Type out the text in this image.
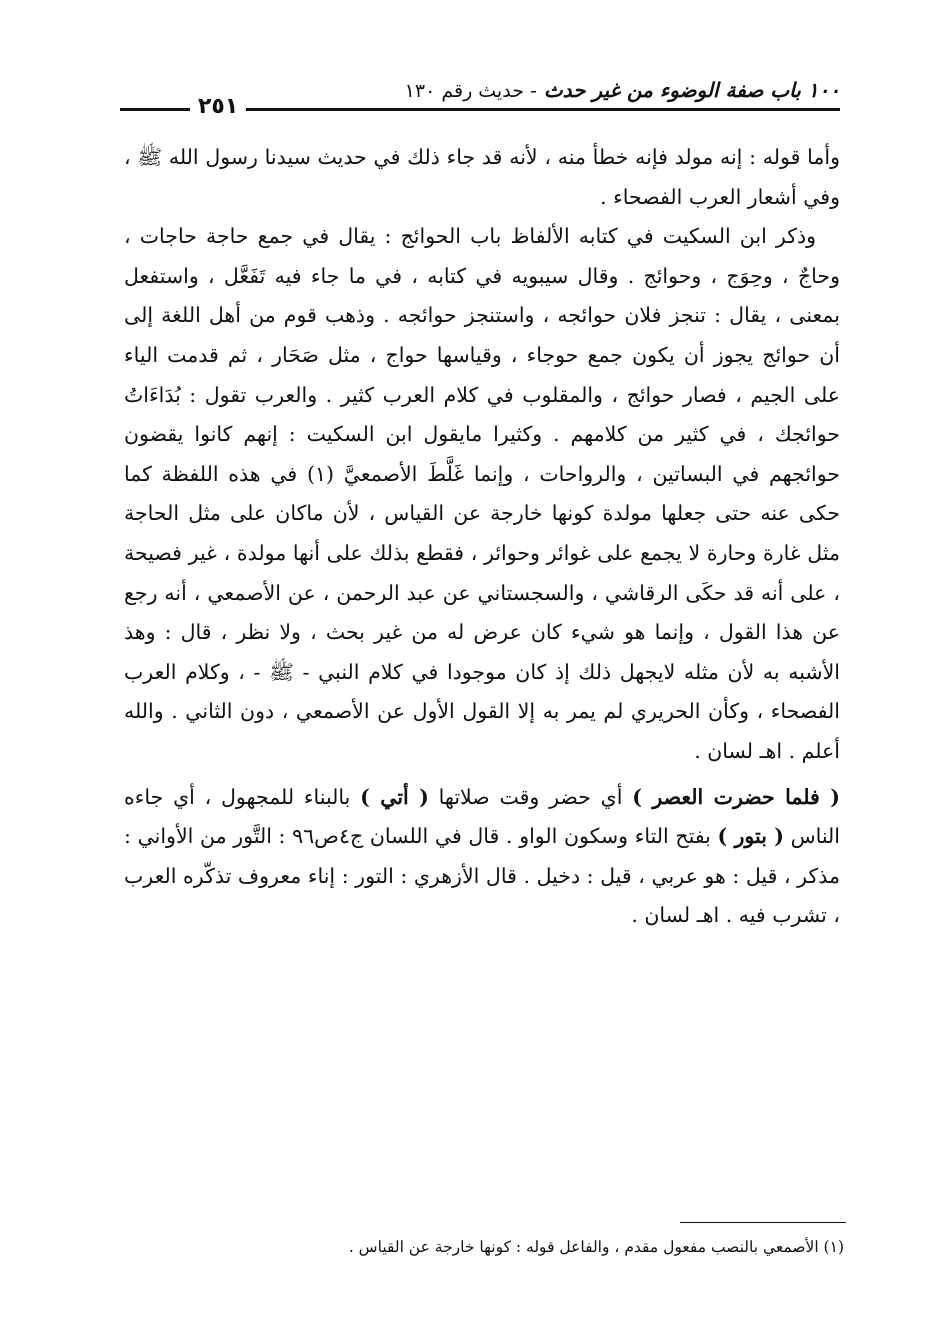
١٠٠ باب صفة الوضوء من غير حدث - حديث رقم ١٣٠
٢٥١

وأما قوله : إنه مولد فإنه خطأ منه ، لأنه قد جاء ذلك في حديث سيدنا رسول الله ﷺ ، وفي أشعار العرب الفصحاء .

وذكر ابن السكيت في كتابه الألفاظ باب الحوائج : يقال في جمع حاجة حاجات ، وحاجٌ ، وحِوَج ، وحوائج . وقال سيبويه في كتابه ، في ما جاء فيه تَفَعَّل ، واستفعل بمعنى ، يقال : تنجز فلان حوائجه ، واستنجز حوائجه . وذهب قوم من أهل اللغة إلى أن حوائج يجوز أن يكون جمع حوجاء ، وقياسها حواج ، مثل صَحَار ، ثم قدمت الياء على الجيم ، فصار حوائج ، والمقلوب في كلام العرب كثير . والعرب تقول : بُدَاءَاتُ حوائجك ، في كثير من كلامهم . وكثيرا مايقول ابن السكيت : إنهم كانوا يقضون حوائجهم في البساتين ، والرواحات ، وإنما غَلَّطَ الأصمعيَّ (١) في هذه اللفظة كما حكى عنه حتى جعلها مولدة كونها خارجة عن القياس ، لأن ماكان على مثل الحاجة مثل غارة وحارة لا يجمع على غوائر وحوائر ، فقطع بذلك على أنها مولدة ، غير فصيحة ، على أنه قد حكَى الرقاشي ، والسجستاني عن عبد الرحمن ، عن الأصمعي ، أنه رجع عن هذا القول ، وإنما هو شيء كان عرض له من غير بحث ، ولا نظر ، قال : وهذ الأشبه به لأن مثله لايجهل ذلك إذ كان موجودا في كلام النبي - ﷺ - ، وكلام العرب الفصحاء ، وكأن الحريري لم يمر به إلا القول الأول عن الأصمعي ، دون الثاني . والله أعلم . اهـ لسان .

( فلما حضرت العصر ) أي حضر وقت صلاتها ( أتي ) بالبناء للمجهول ، أي جاءه الناس ( بتور ) بفتح التاء وسكون الواو . قال في اللسان ج٤ص٩٦ : التَّور من الأواني : مذكر ، قيل : هو عربي ، قيل : دخيل . قال الأزهري : التور : إناء معروف تذكّره العرب ، تشرب فيه . اهـ لسان .

(١) الأصمعي بالنصب مفعول مقدم ، والفاعل قوله : كونها خارجة عن القياس .
